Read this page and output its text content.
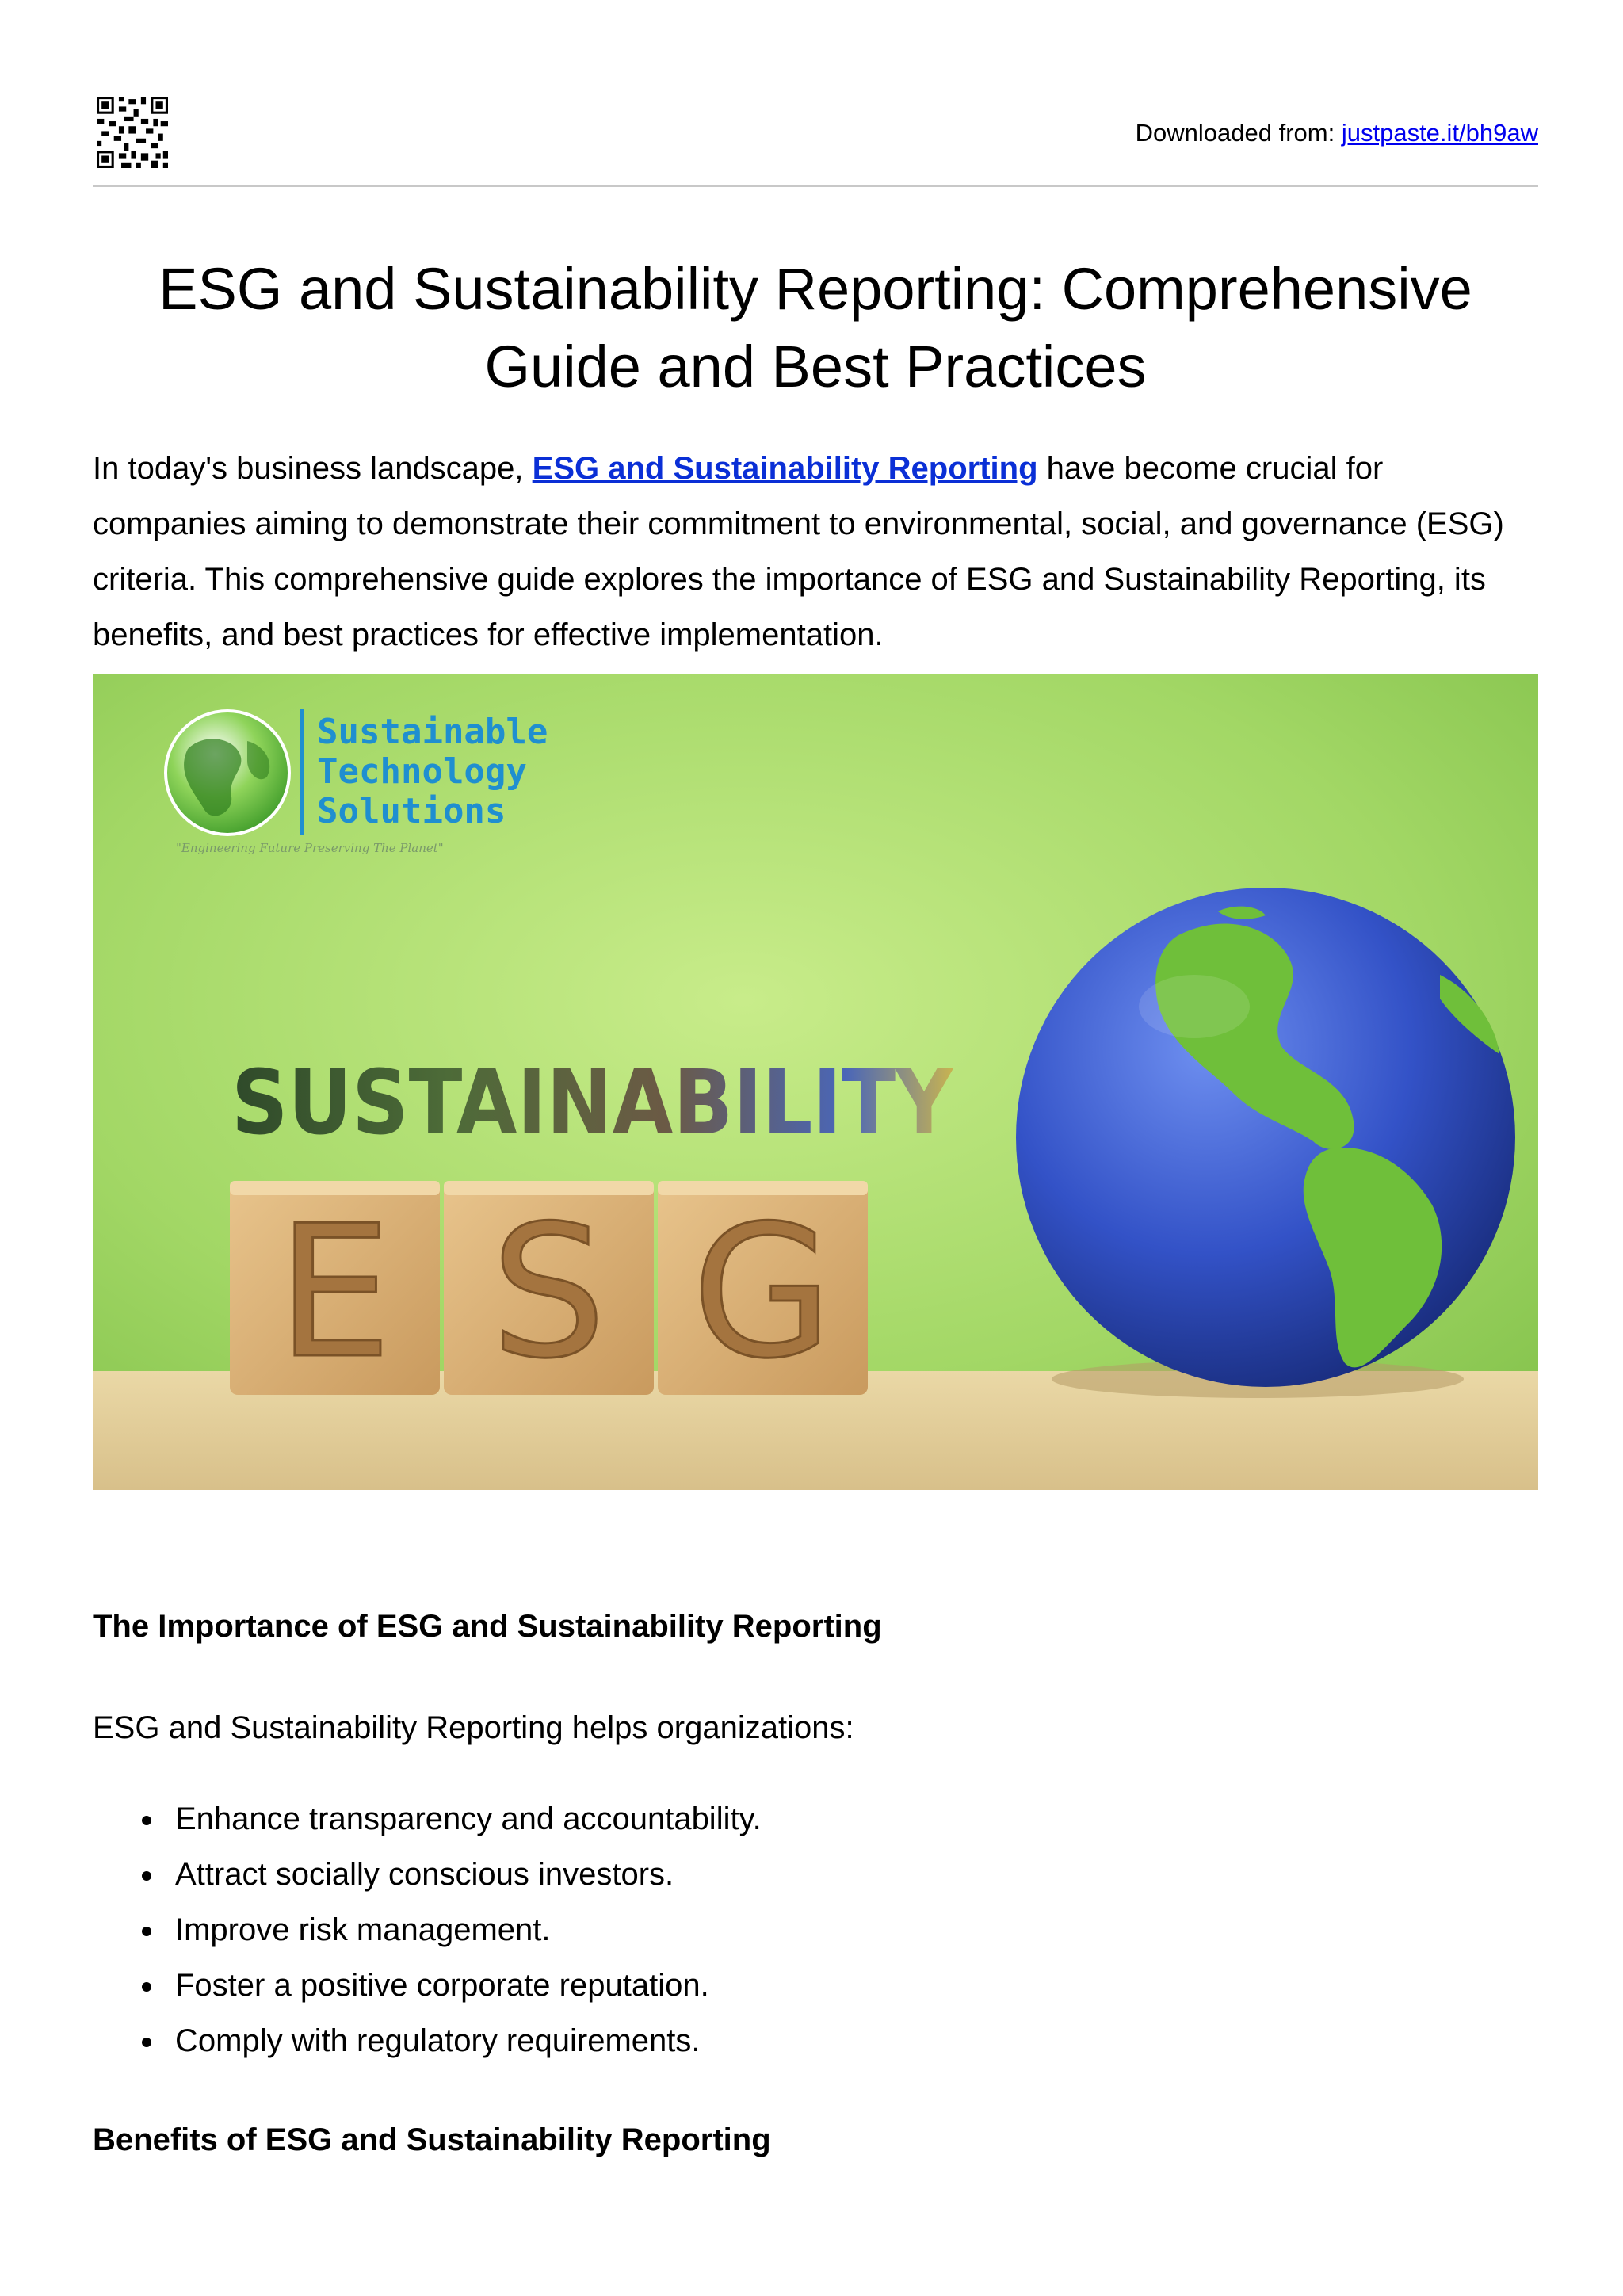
Downloaded from: justpaste.it/bh9aw
ESG and Sustainability Reporting: Comprehensive Guide and Best Practices

In today's business landscape, ESG and Sustainability Reporting have become crucial for companies aiming to demonstrate their commitment to environmental, social, and governance (ESG) criteria. This comprehensive guide explores the importance of ESG and Sustainability Reporting, its benefits, and best practices for effective implementation.

Sustainable
Technology
Solutions
"Engineering Future Preserving The Planet"
SUSTAINABILITY
E S G
The Importance of ESG and Sustainability Reporting

ESG and Sustainability Reporting helps organizations:

Enhance transparency and accountability.
Attract socially conscious investors.
Improve risk management.
Foster a positive corporate reputation.
Comply with regulatory requirements.
Benefits of ESG and Sustainability Reporting
